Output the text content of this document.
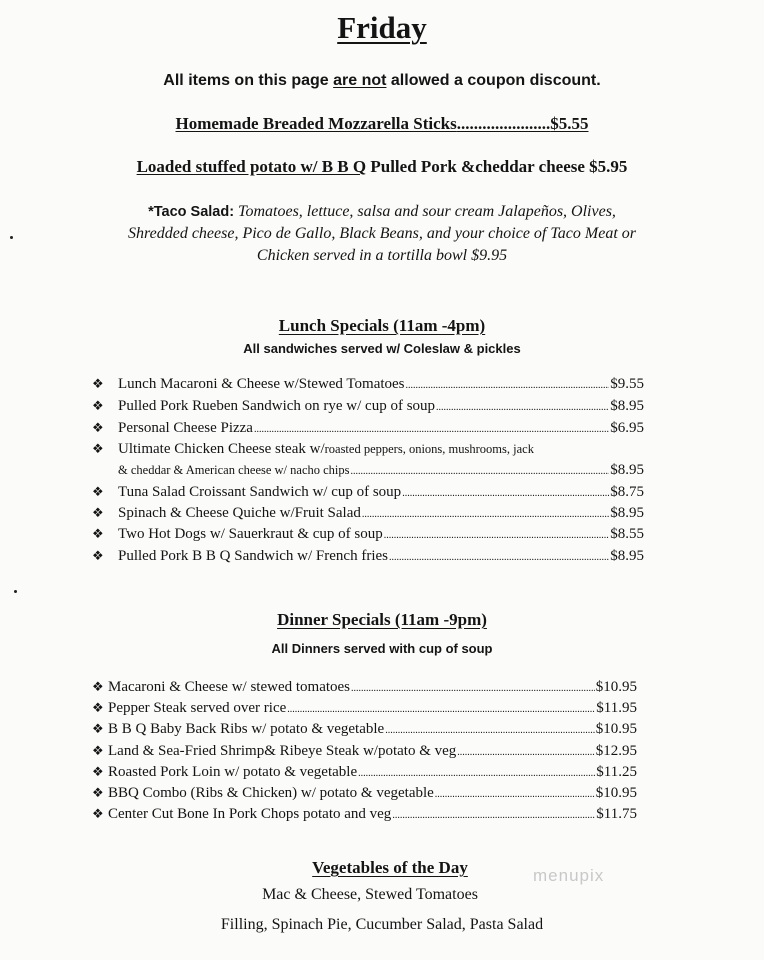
Friday
All items on this page are not allowed a coupon discount.
Homemade Breaded Mozzarella Sticks......................$5.55
Loaded stuffed potato w/ B B Q Pulled Pork &cheddar cheese $5.95
*Taco Salad: Tomatoes, lettuce, salsa and sour cream Jalapeños, Olives,
Shredded cheese, Pico de Gallo, Black Beans, and your choice of Taco Meat or
Chicken served in a tortilla bowl $9.95
Lunch Specials (11am -4pm)
All sandwiches served w/ Coleslaw & pickles
❖ Lunch Macaroni & Cheese w/Stewed Tomatoes .....	$9.55
❖ Pulled Pork Rueben Sandwich on rye w/ cup of soup .....	$8.95
❖ Personal Cheese Pizza .....	$6.95
❖ Ultimate Chicken Cheese steak w/ roasted peppers, onions, mushrooms, jack
& cheddar & American cheese w/ nacho chips .....	$8.95
❖ Tuna Salad Croissant Sandwich w/ cup of soup .....	$8.75
❖ Spinach & Cheese Quiche w/Fruit Salad .....	$8.95
❖ Two Hot Dogs w/ Sauerkraut & cup of soup .....	$8.55
❖ Pulled Pork B B Q Sandwich w/ French fries .....	$8.95
Dinner Specials (11am -9pm)
All Dinners served with cup of soup
❖ Macaroni & Cheese w/ stewed tomatoes .....	$10.95
❖ Pepper Steak served over rice .....	$11.95
❖ B B Q Baby Back Ribs w/ potato & vegetable .....	$10.95
❖ Land & Sea-Fried Shrimp& Ribeye Steak w/potato & veg .....	$12.95
❖ Roasted Pork Loin w/ potato & vegetable .....	$11.25
❖ BBQ Combo (Ribs & Chicken) w/ potato & vegetable .....	$10.95
❖ Center Cut Bone In Pork Chops potato and veg .....	$11.75
Vegetables of the Day
Mac & Cheese, Stewed Tomatoes
Filling, Spinach Pie, Cucumber Salad, Pasta Salad
menupix
